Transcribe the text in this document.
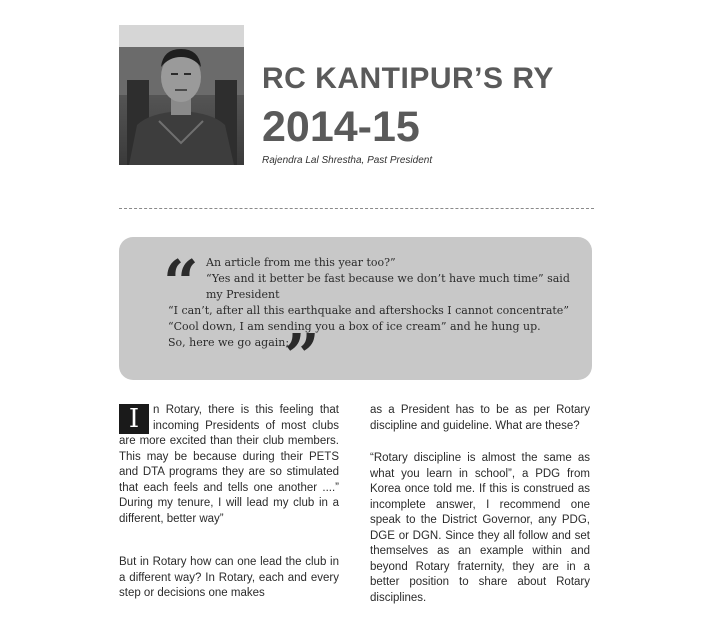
RC KANTIPUR’S RY
2014-15
Rajendra Lal Shrestha, Past President
“
”
An article from me this year too?”
“Yes and it better be fast because we don’t have much time” said
my President
“I can’t, after all this earthquake and aftershocks I cannot concentrate”
“Cool down, I am sending you a box of ice cream” and he hung up.
So, here we go again;

I	n Rotary, there is this feeling that incoming Presidents of most clubs are more excited than their club members. This may be because during their PETS and DTA programs they are so stimulated that each feels and tells one another ....” During my tenure, I will lead my club in a different, better way”

But in Rotary how can one lead the club in a different way? In Rotary, each and every step or decisions one makes

as a President has to be as per Rotary discipline and guideline. What are these?

“Rotary discipline is almost the same as what you learn in school”, a PDG from Korea once told me. If this is construed as incomplete answer, I recommend one speak to the District Governor, any PDG, DGE or DGN. Since they all follow and set themselves as an example within and beyond Rotary fraternity, they are in a better position to share about Rotary disciplines.
